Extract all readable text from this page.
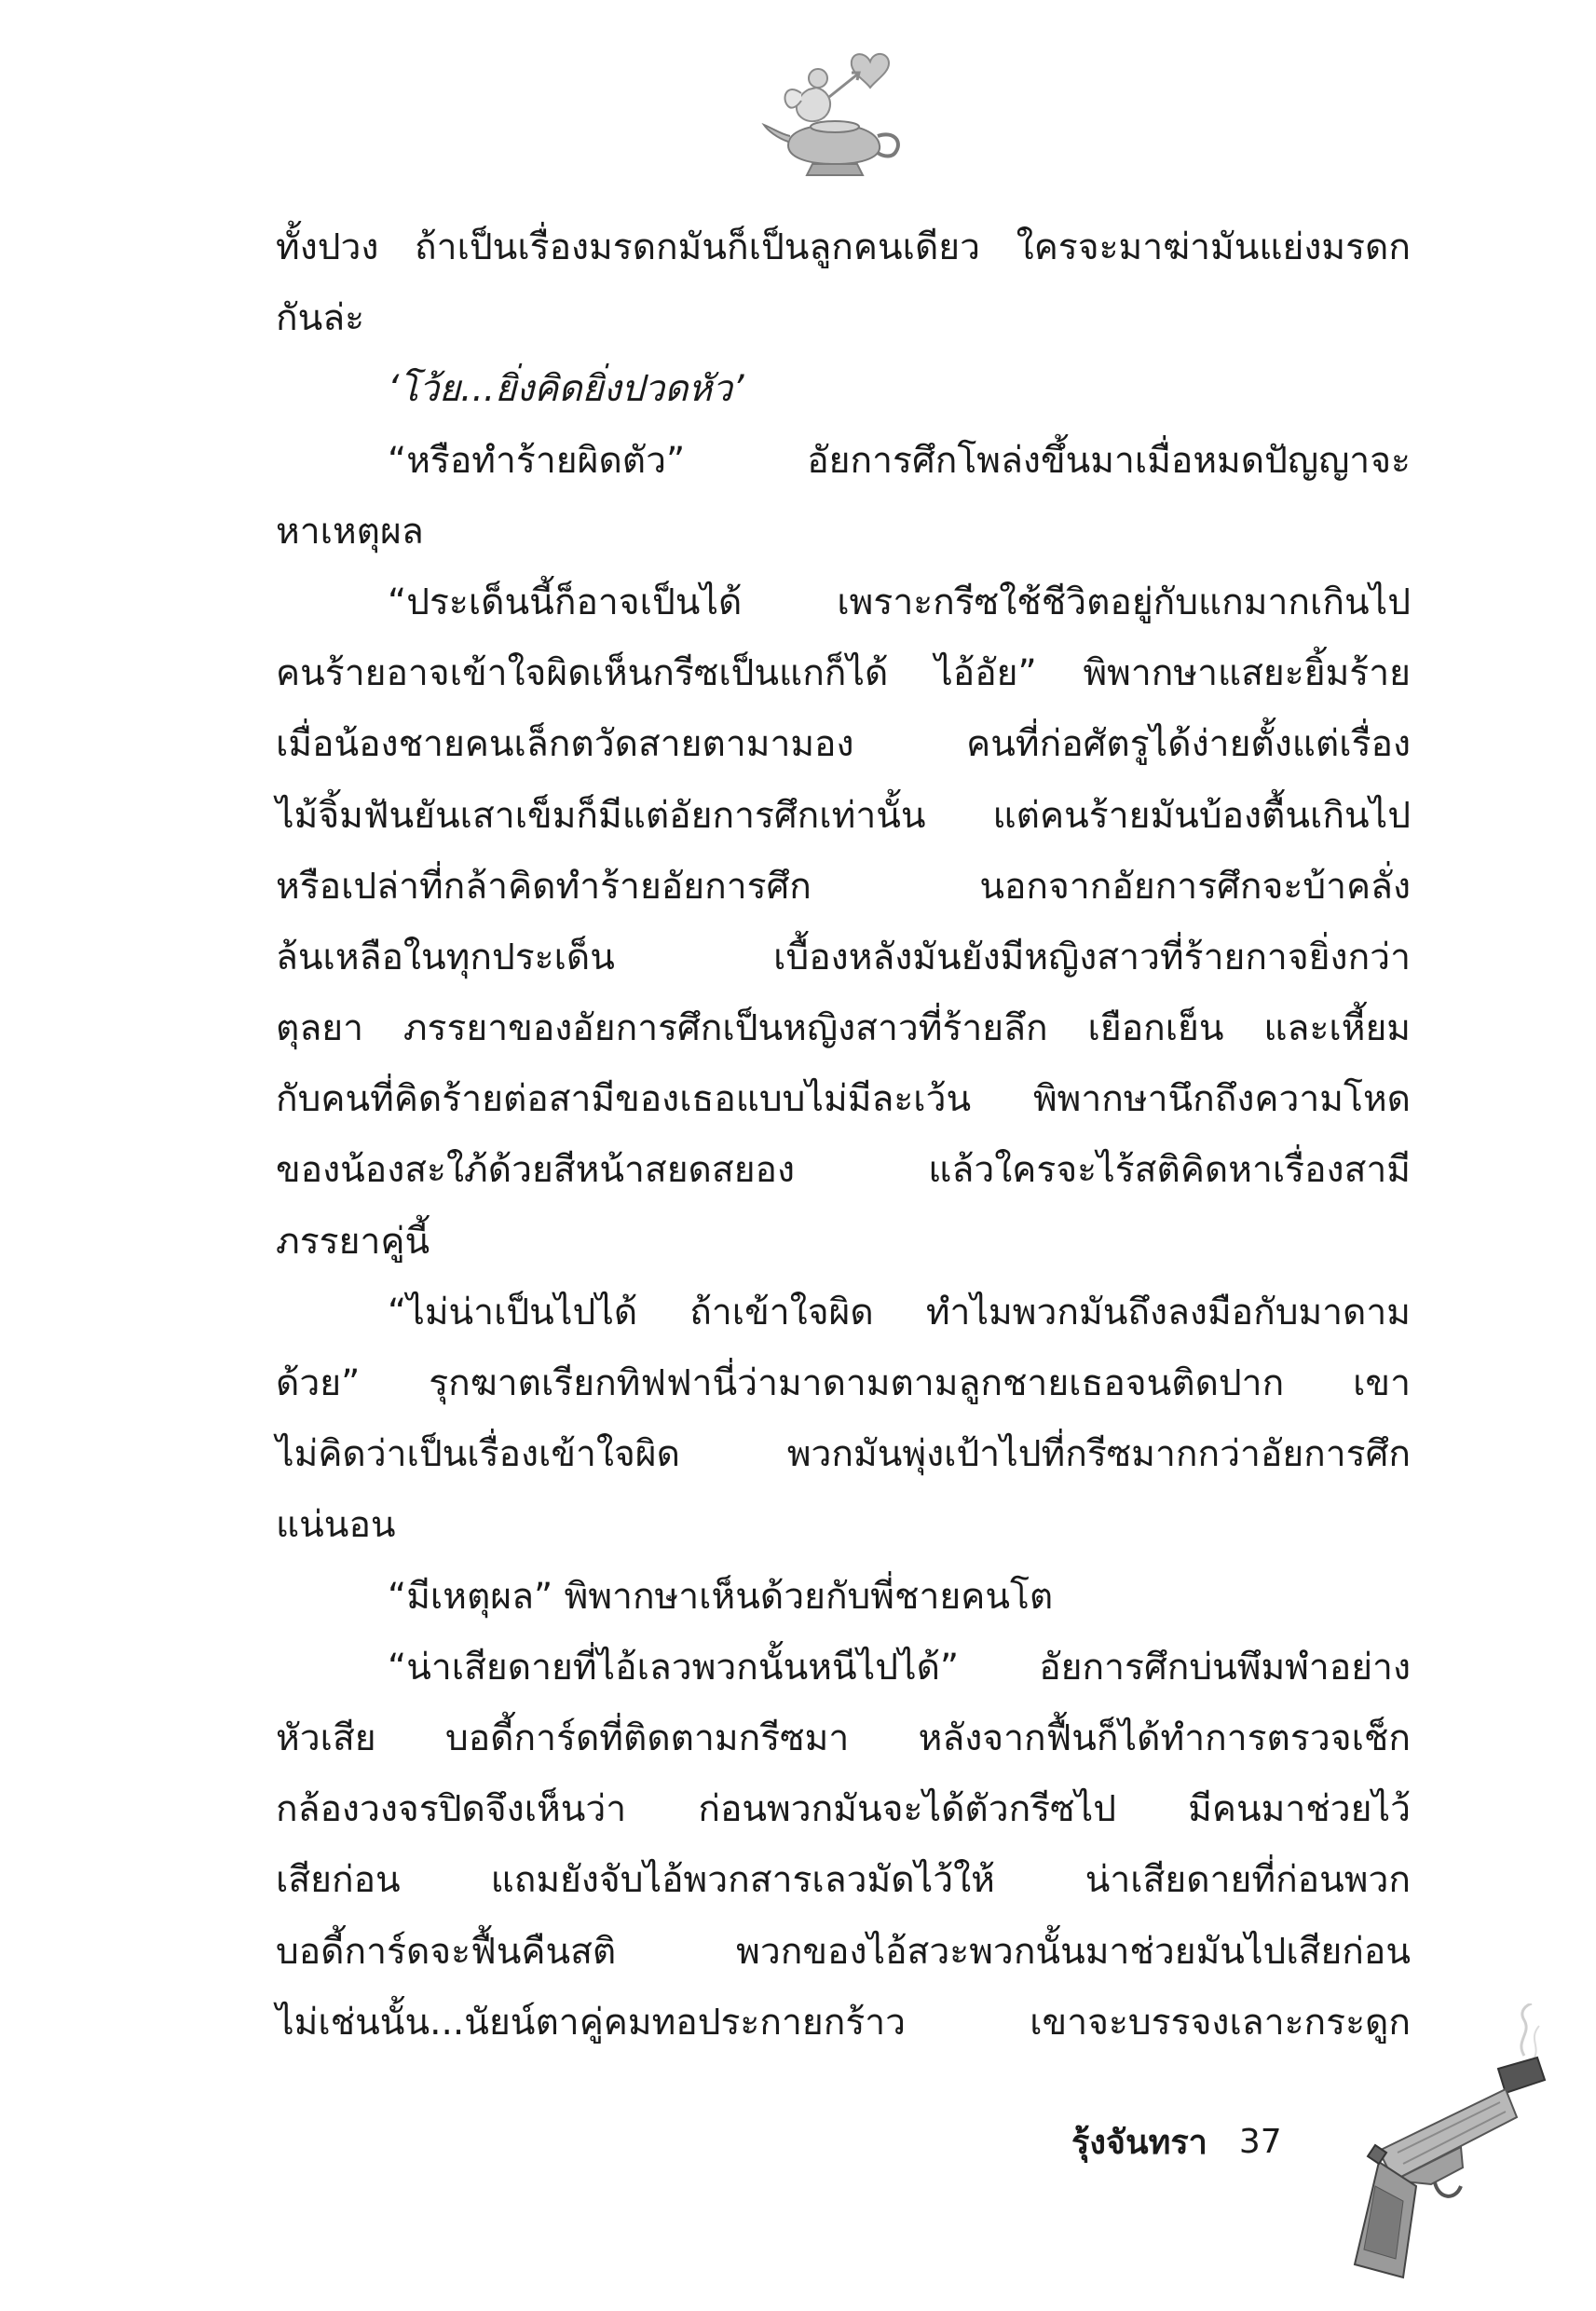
ทั้งปวง ถ้าเป็นเรื่องมรดกมันก็เป็นลูกคนเดียว ใครจะมาฆ่ามันแย่งมรดก
กันล่ะ
‘โว้ย...ยิ่งคิดยิ่งปวดหัว’
“หรือทำร้ายผิดตัว” อัยการศึกโพล่งขึ้นมาเมื่อหมดปัญญาจะ
หาเหตุผล
“ประเด็นนี้ก็อาจเป็นได้ เพราะกรีซใช้ชีวิตอยู่กับแกมากเกินไป
คนร้ายอาจเข้าใจผิดเห็นกรีซเป็นแกก็ได้ ไอ้อัย” พิพากษาแสยะยิ้มร้าย
เมื่อน้องชายคนเล็กตวัดสายตามามอง คนที่ก่อศัตรูได้ง่ายตั้งแต่เรื่อง
ไม้จิ้มฟันยันเสาเข็มก็มีแต่อัยการศึกเท่านั้น แต่คนร้ายมันบ้องตื้นเกินไป
หรือเปล่าที่กล้าคิดทำร้ายอัยการศึก นอกจากอัยการศึกจะบ้าคลั่ง
ล้นเหลือในทุกประเด็น เบื้องหลังมันยังมีหญิงสาวที่ร้ายกาจยิ่งกว่า
ตุลยา ภรรยาของอัยการศึกเป็นหญิงสาวที่ร้ายลึก เยือกเย็น และเหี้ยม
กับคนที่คิดร้ายต่อสามีของเธอแบบไม่มีละเว้น พิพากษานึกถึงความโหด
ของน้องสะใภ้ด้วยสีหน้าสยดสยอง แล้วใครจะไร้สติคิดหาเรื่องสามี
ภรรยาคู่นี้
“ไม่น่าเป็นไปได้ ถ้าเข้าใจผิด ทำไมพวกมันถึงลงมือกับมาดาม
ด้วย” รุกฆาตเรียกทิฟฟานี่ว่ามาดามตามลูกชายเธอจนติดปาก เขา
ไม่คิดว่าเป็นเรื่องเข้าใจผิด พวกมันพุ่งเป้าไปที่กรีซมากกว่าอัยการศึก
แน่นอน
“มีเหตุผล” พิพากษาเห็นด้วยกับพี่ชายคนโต
“น่าเสียดายที่ไอ้เลวพวกนั้นหนีไปได้” อัยการศึกบ่นพึมพำอย่าง
หัวเสีย บอดี้การ์ดที่ติดตามกรีซมา หลังจากฟื้นก็ได้ทำการตรวจเช็ก
กล้องวงจรปิดจึงเห็นว่า ก่อนพวกมันจะได้ตัวกรีซไป มีคนมาช่วยไว้
เสียก่อน แถมยังจับไอ้พวกสารเลวมัดไว้ให้ น่าเสียดายที่ก่อนพวก
บอดี้การ์ดจะฟื้นคืนสติ พวกของไอ้สวะพวกนั้นมาช่วยมันไปเสียก่อน
ไม่เช่นนั้น...นัยน์ตาคู่คมทอประกายกร้าว เขาจะบรรจงเลาะกระดูก
รุ้งจันทรา 37
